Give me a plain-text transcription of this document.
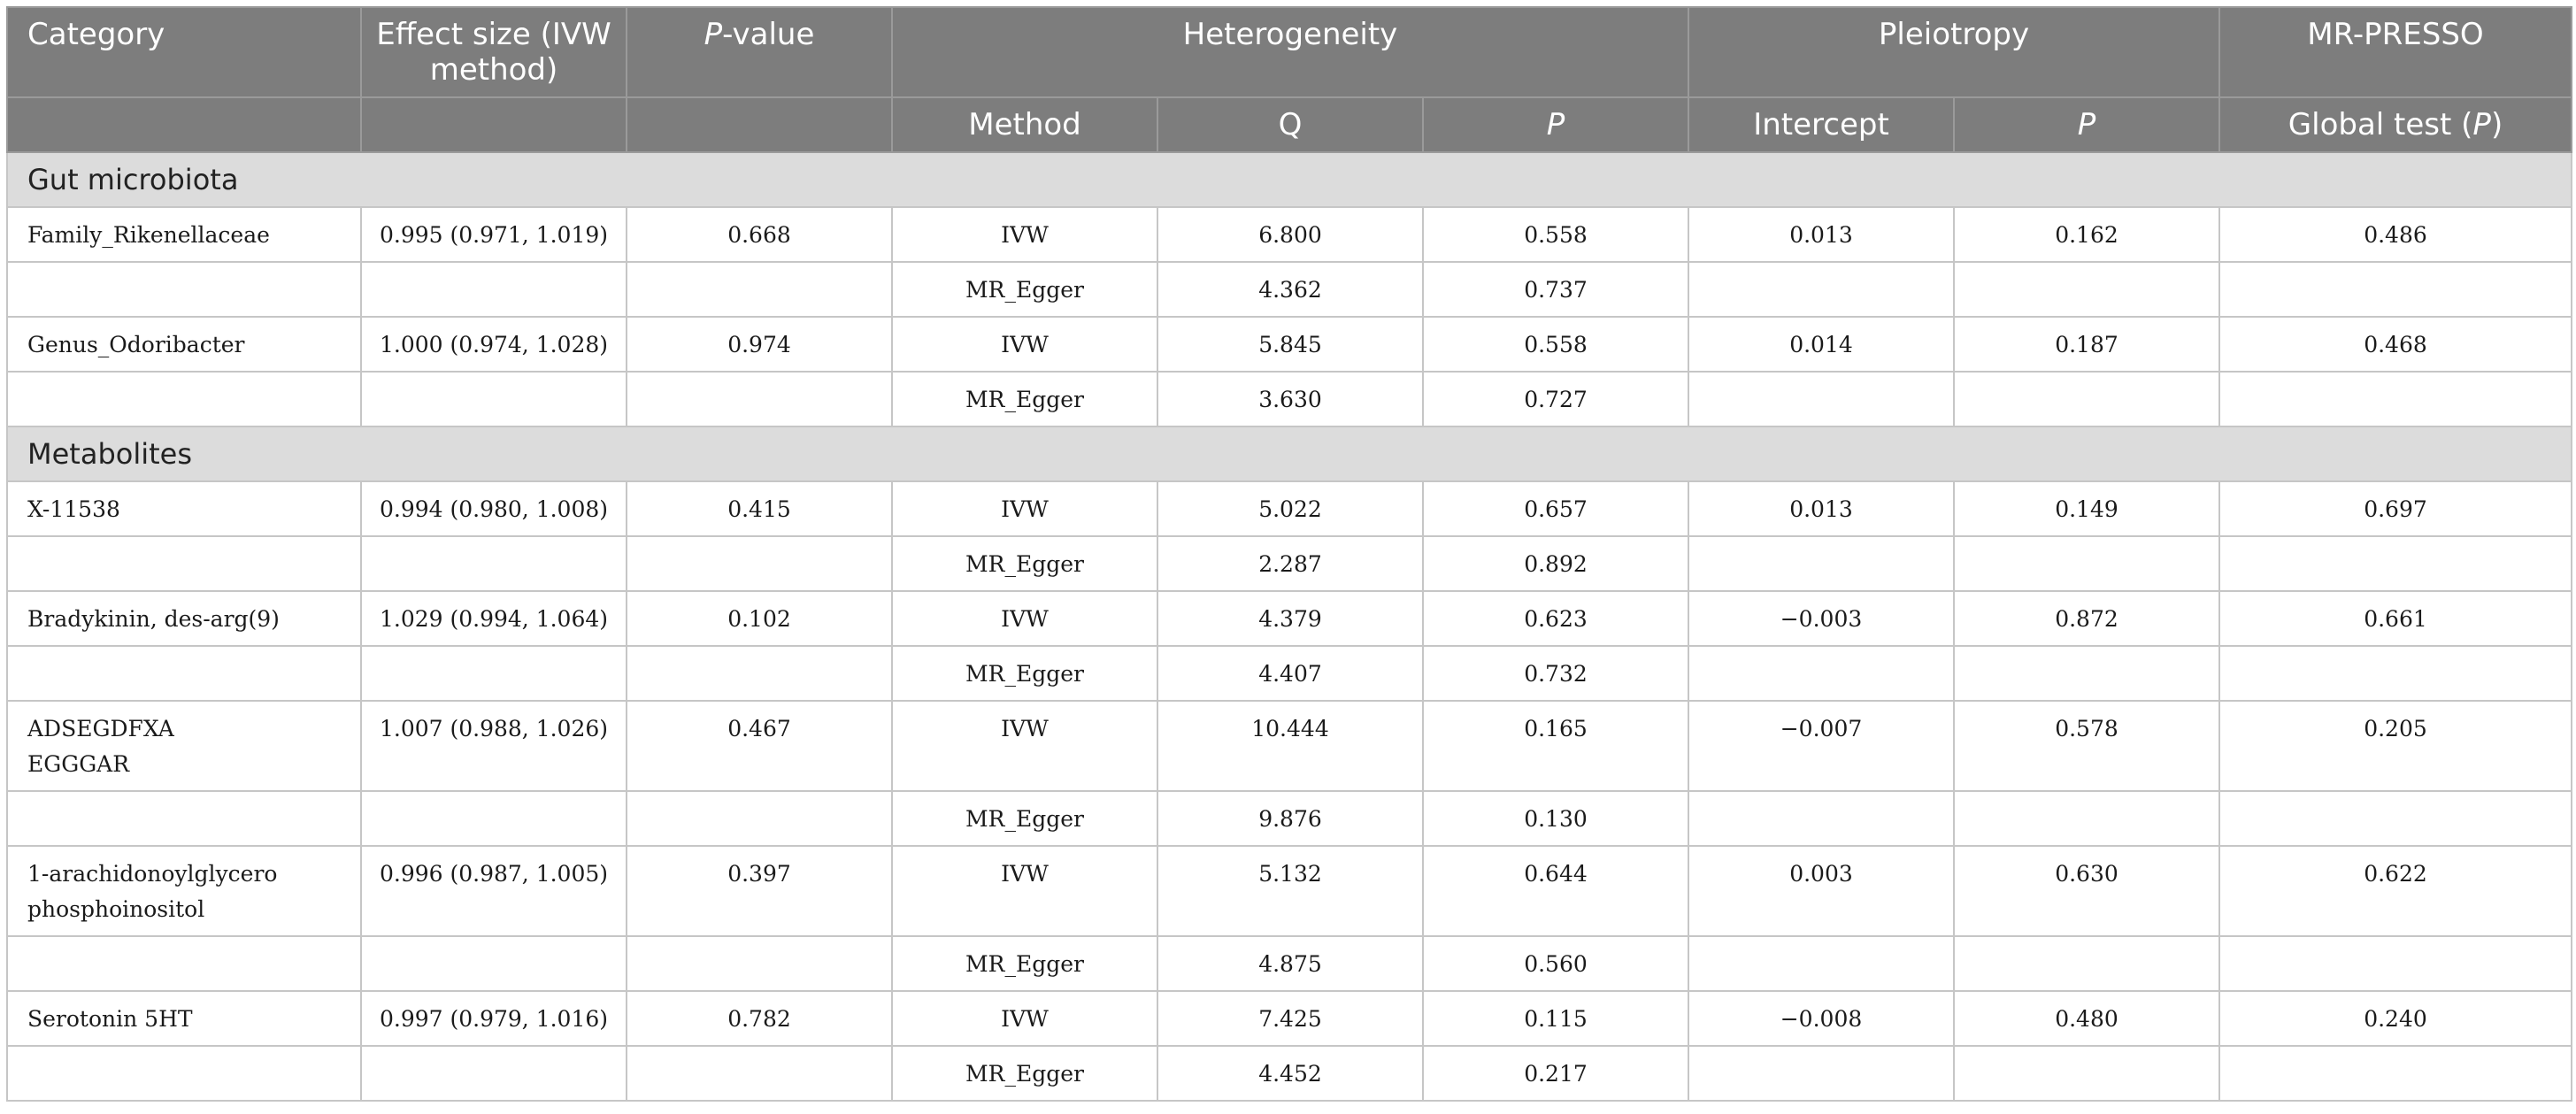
Category	Effect size (IVW method)	P-value	Heterogeneity			Pleiotropy		MR-PRESSO
			Method	Q	P	Intercept	P	Global test (P)
Gut microbiota								
Family_Rikenellaceae	0.995 (0.971, 1.019)	0.668	IVW	6.800	0.558	0.013	0.162	0.486
			MR_Egger	4.362	0.737			
Genus_Odoribacter	1.000 (0.974, 1.028)	0.974	IVW	5.845	0.558	0.014	0.187	0.468
			MR_Egger	3.630	0.727			
Metabolites								
X-11538	0.994 (0.980, 1.008)	0.415	IVW	5.022	0.657	0.013	0.149	0.697
			MR_Egger	2.287	0.892			
Bradykinin, des-arg(9)	1.029 (0.994, 1.064)	0.102	IVW	4.379	0.623	−0.003	0.872	0.661
			MR_Egger	4.407	0.732			
ADSEGDFXA
EGGGAR	1.007 (0.988, 1.026)	0.467	IVW	10.444	0.165	−0.007	0.578	0.205
			MR_Egger	9.876	0.130			
1-arachidonoylglycero
phosphoinositol	0.996 (0.987, 1.005)	0.397	IVW	5.132	0.644	0.003	0.630	0.622
			MR_Egger	4.875	0.560			
Serotonin 5HT	0.997 (0.979, 1.016)	0.782	IVW	7.425	0.115	−0.008	0.480	0.240
			MR_Egger	4.452	0.217			
